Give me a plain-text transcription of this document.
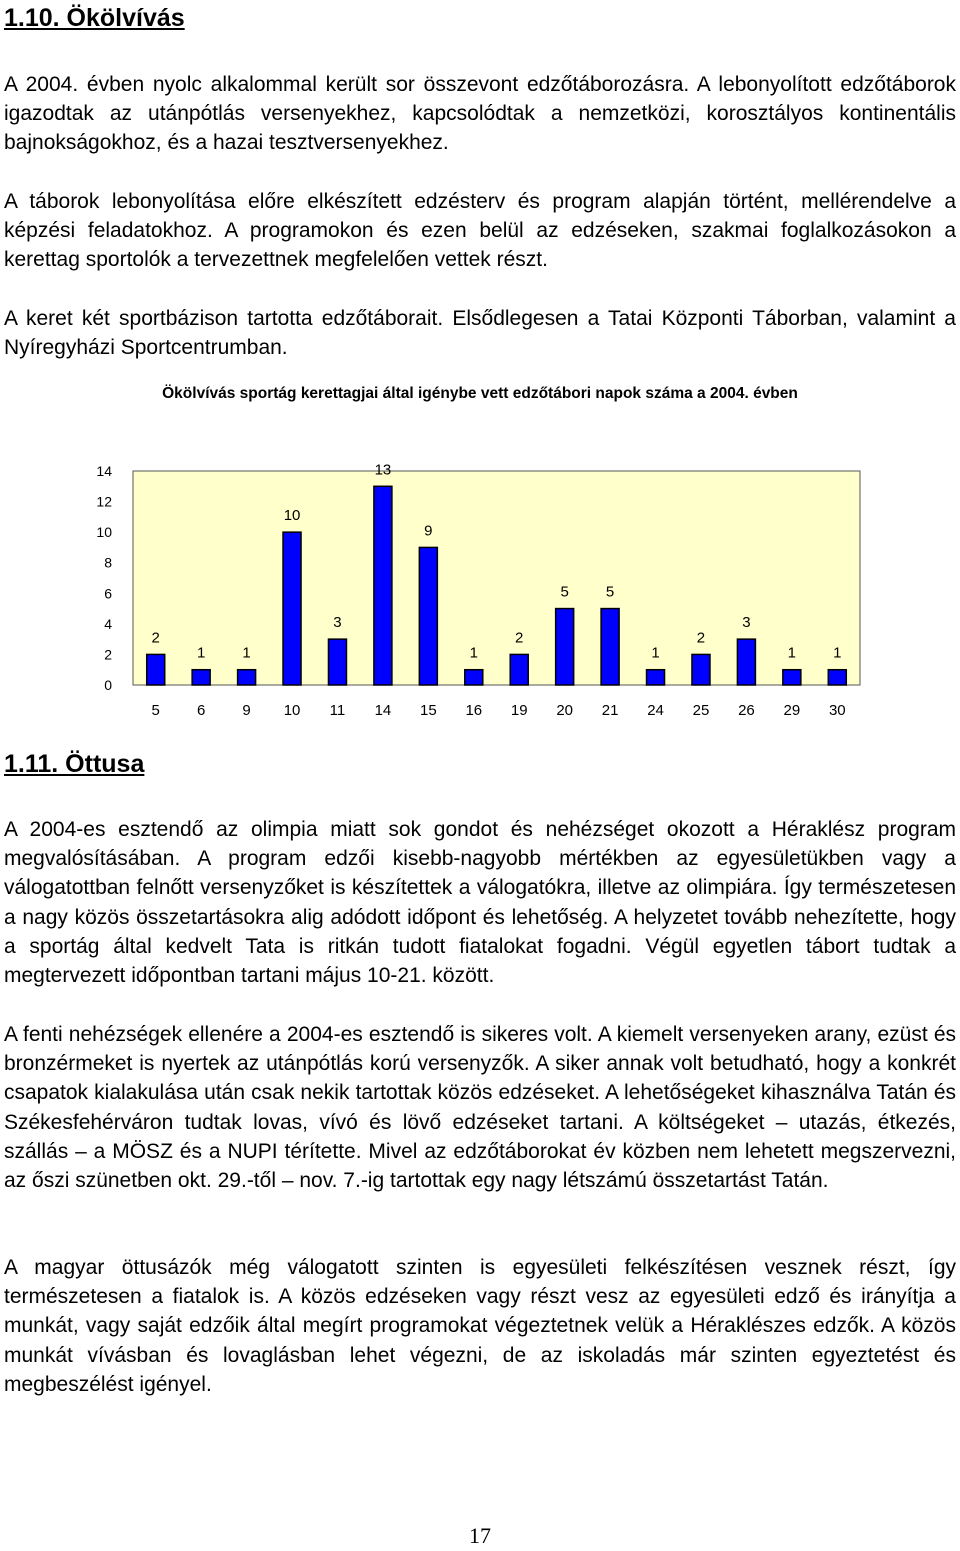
1.10. Ökölvívás

A 2004. évben nyolc alkalommal került sor összevont edzőtáborozásra. A lebonyolított edzőtáborok igazodtak az utánpótlás versenyekhez, kapcsolódtak a nemzetközi, korosztályos kontinentális bajnokságokhoz, és a hazai tesztversenyekhez.

A táborok lebonyolítása előre elkészített edzésterv és program alapján történt, mellérendelve a képzési feladatokhoz. A programokon és ezen belül az edzéseken, szakmai foglalkozásokon a kerettag sportolók a tervezettnek megfelelően vettek részt.

A keret két sportbázison tartotta edzőtáborait. Elsődlegesen a Tatai Központi Táborban, valamint a Nyíregyházi Sportcentrumban.

Ökölvívás sportág kerettagjai által igénybe vett edzőtábori napok száma a 2004. évben
0
2
4
6
8
10
12
14
2
1 1
10
3
13
9
1
2
5 5
1
2
3
1 1
5 6 9 10 11 14 15 16 19 20 21 24 25 26 29 30
1.11. Öttusa

A 2004-es esztendő az olimpia miatt sok gondot és nehézséget okozott a Héraklész program megvalósításában. A program edzői kisebb-nagyobb mértékben az egyesületükben vagy a válogatottban felnőtt versenyzőket is készítettek a válogatókra, illetve az olimpiára. Így természetesen a nagy közös összetartásokra alig adódott időpont és lehetőség. A helyzetet tovább nehezítette, hogy a sportág által kedvelt Tata is ritkán tudott fiatalokat fogadni. Végül egyetlen tábort tudtak a megtervezett időpontban tartani május 10-21. között.

A fenti nehézségek ellenére a 2004-es esztendő is sikeres volt. A kiemelt versenyeken arany, ezüst és bronzérmeket is nyertek az utánpótlás korú versenyzők. A siker annak volt betudható, hogy a konkrét csapatok kialakulása után csak nekik tartottak közös edzéseket. A lehetőségeket kihasználva Tatán és Székesfehérváron tudtak lovas, vívó és lövő edzéseket tartani. A költségeket – utazás, étkezés, szállás – a MÖSZ és a NUPI térítette. Mivel az edzőtáborokat év közben nem lehetett megszervezni, az őszi szünetben okt. 29.-től – nov. 7.-ig tartottak egy nagy létszámú összetartást Tatán.

A magyar öttusázók még válogatott szinten is egyesületi felkészítésen vesznek részt, így természetesen a fiatalok is. A közös edzéseken vagy részt vesz az egyesületi edző és irányítja a munkát, vagy saját edzőik által megírt programokat végeztetnek velük a Héraklészes edzők. A közös munkát vívásban és lovaglásban lehet végezni, de az iskoladás már szinten egyeztetést és megbeszélést igényel.

17
